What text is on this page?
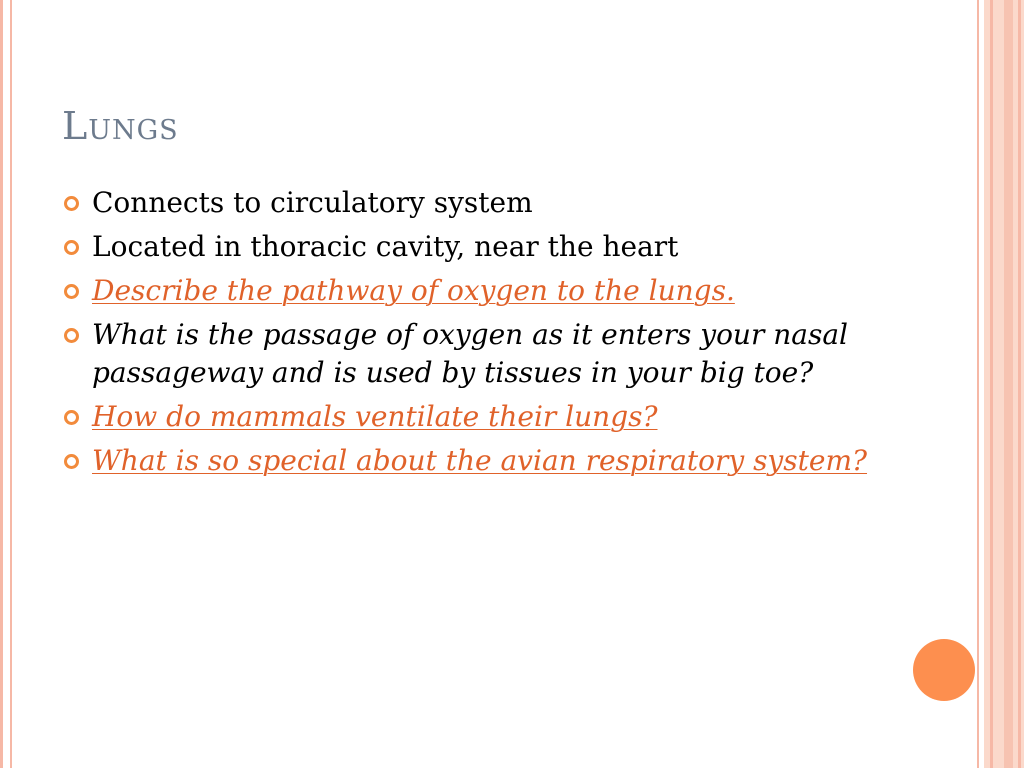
Lungs
Connects to circulatory system
Located in thoracic cavity, near the heart
Describe the pathway of oxygen to the lungs.
What is the passage of oxygen as it enters your nasal passageway and is used by tissues in your big toe?
How do mammals ventilate their lungs?
What is so special about the avian respiratory system?
